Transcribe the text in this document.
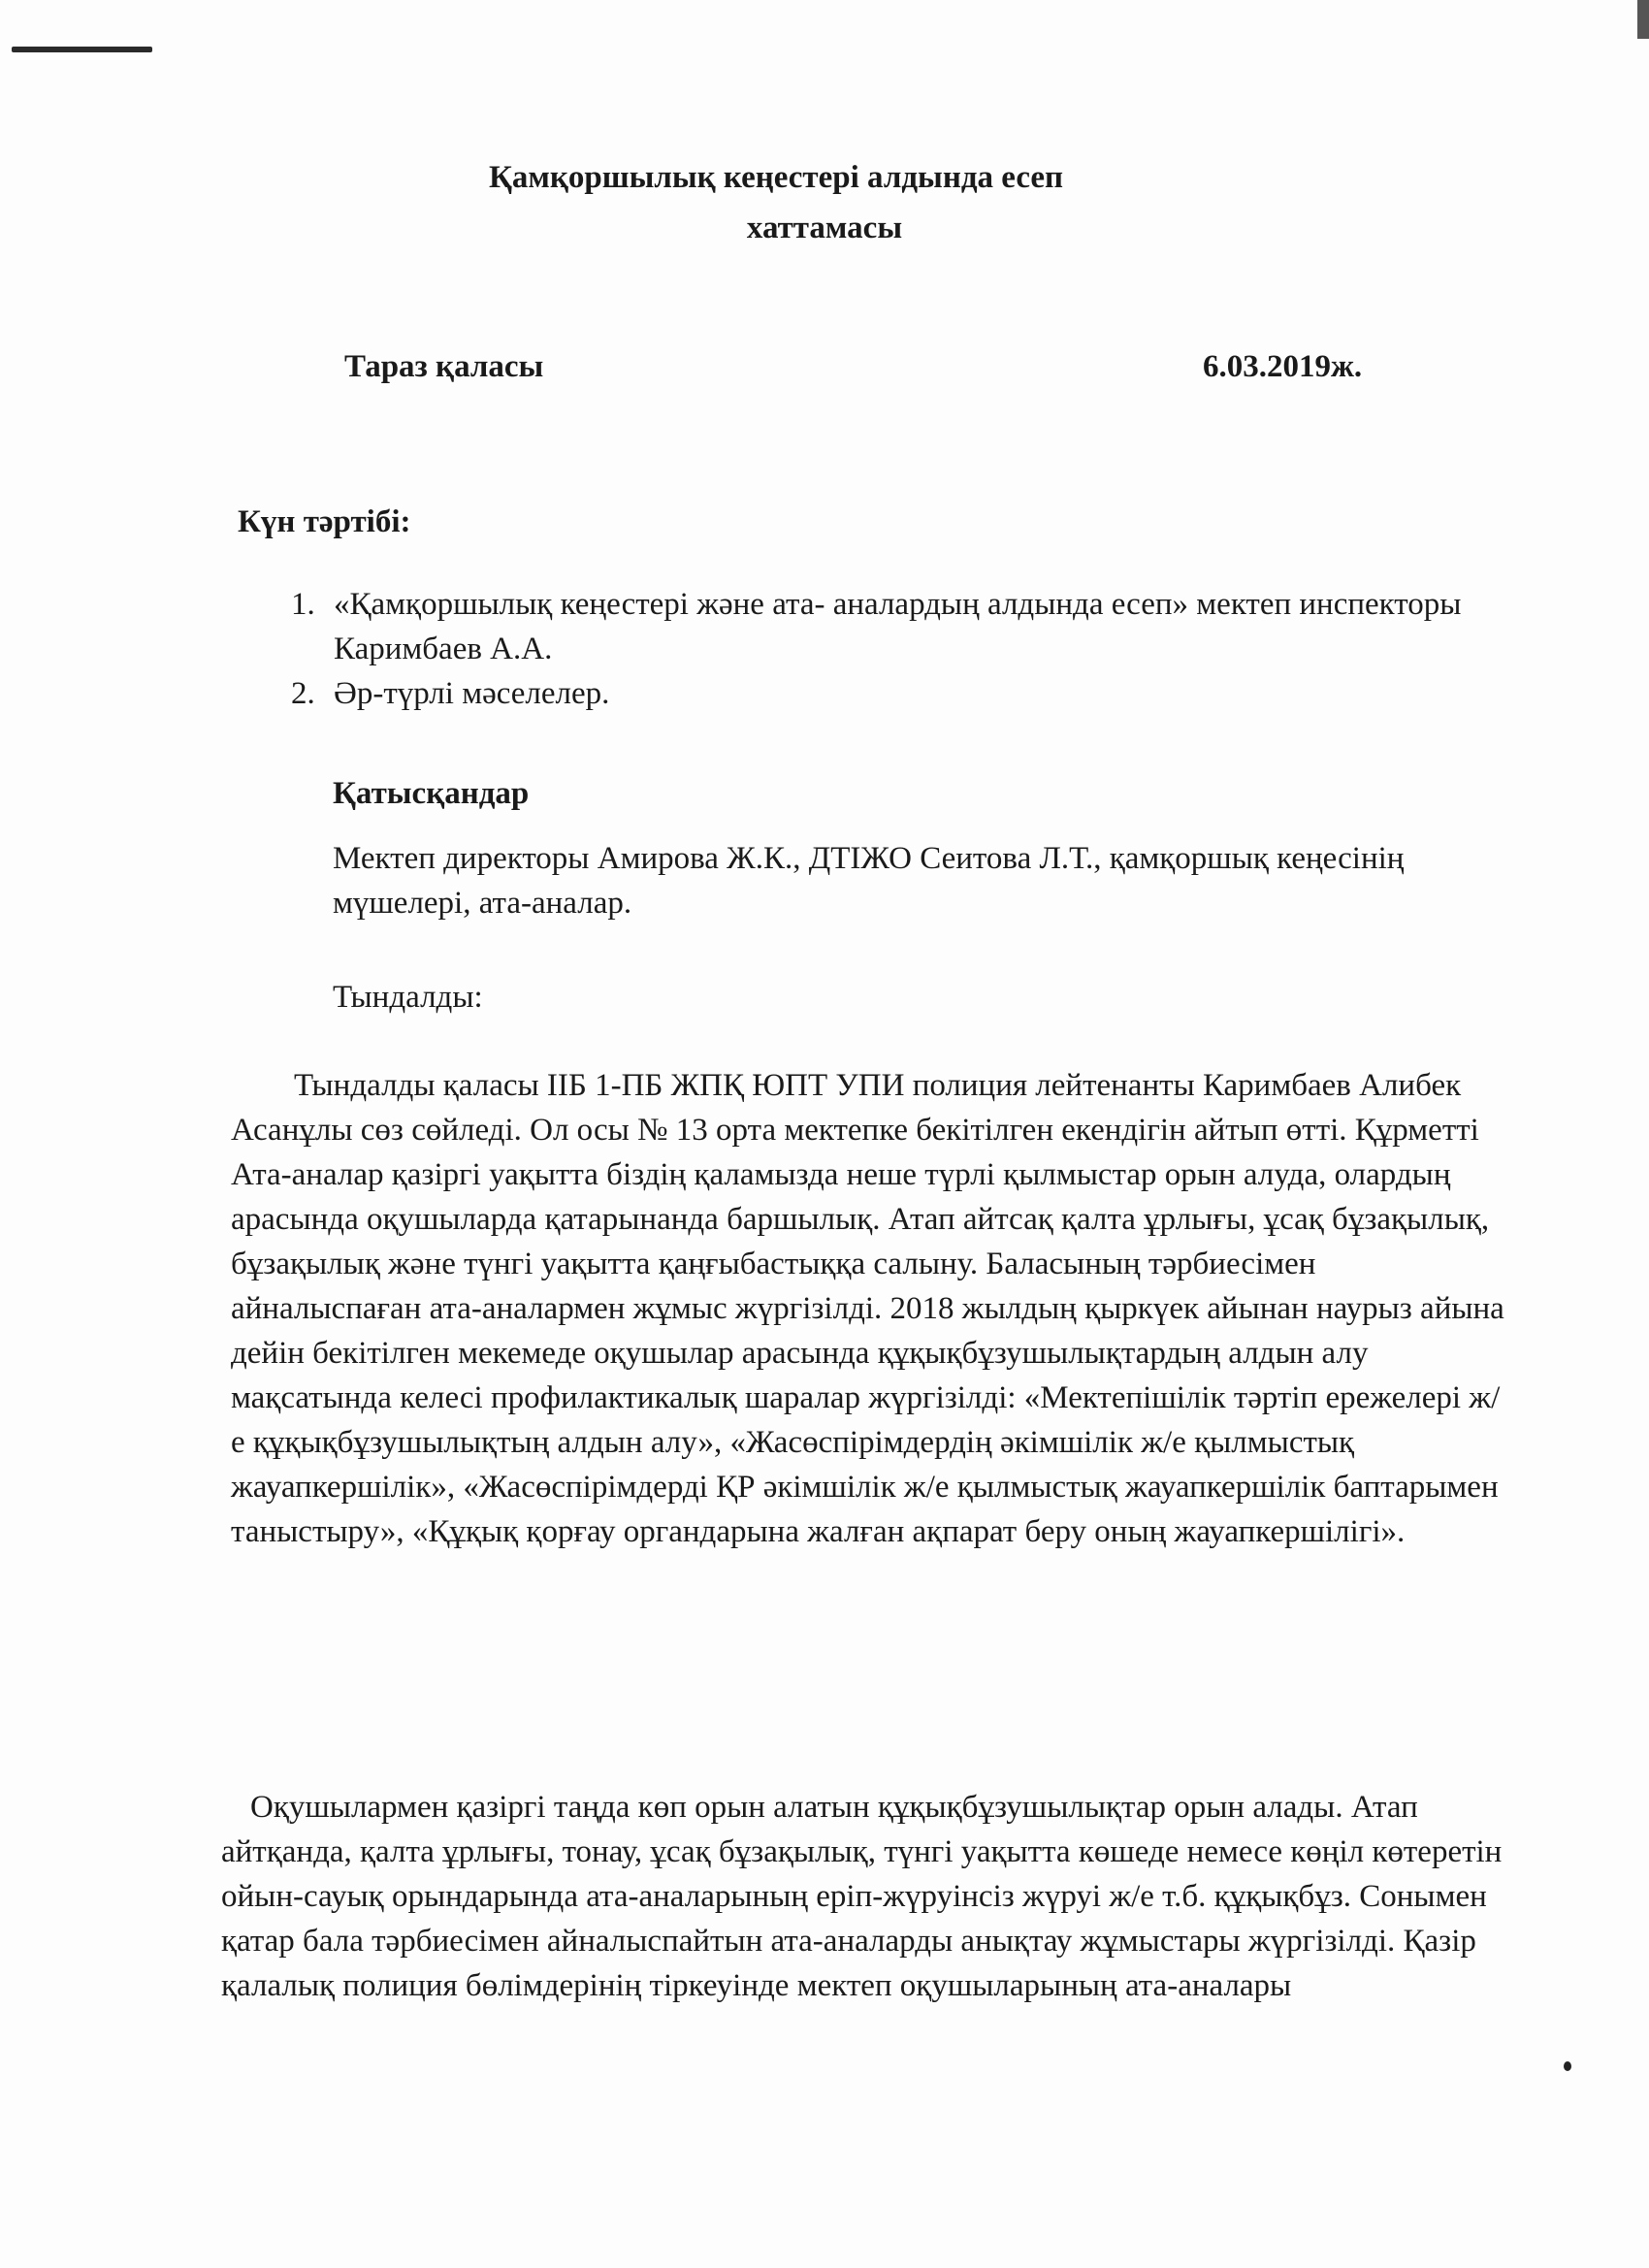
Қамқоршылық кеңестері алдында есеп
хаттамасы
Тараз қаласы	6.03.2019ж.
Күн тәртібі:
1. «Қамқоршылық кеңестері және ата- аналардың алдында есеп» мектеп инспекторы Каримбаев А.А.
2. Әр-түрлі мәселелер.
Қатысқандар
Мектеп директоры Амирова Ж.К., ДТІЖО Сеитова Л.Т., қамқоршық кеңесінің мүшелері, ата-аналар.
Тындалды:
Тындалды қаласы ІІБ 1-ПБ ЖПҚ ЮПТ УПИ полиция лейтенанты Каримбаев Алибек Асанұлы сөз сөйледі. Ол осы № 13 орта мектепке бекітілген екендігін айтып өтті. Құрметті Ата-аналар қазіргі уақытта біздің қаламызда неше түрлі қылмыстар орын алуда, олардың арасында оқушыларда қатарынанда баршылық. Атап айтсақ қалта ұрлығы, ұсақ бұзақылық, бұзақылық және түнгі уақытта қаңғыбастыққа салыну. Баласының тәрбиесімен айналыспаған ата-аналармен жұмыс жүргізілді. 2018 жылдың қыркүек айынан наурыз айына дейін бекітілген мекемеде оқушылар арасында құқықбұзушылықтардың алдын алу мақсатында келесі профилактикалық шаралар жүргізілді: «Мектепішілік тәртіп ережелері ж/е құқықбұзушылықтың алдын алу», «Жасөспірімдердің әкімшілік ж/е қылмыстық жауапкершілік», «Жасөспірімдерді ҚР әкімшілік ж/е қылмыстық жауапкершілік баптарымен таныстыру», «Құқық қорғау органдарына жалған ақпарат беру оның жауапкершілігі».
Оқушылармен қазіргі таңда көп орын алатын құқықбұзушылықтар орын алады. Атап айтқанда, қалта ұрлығы, тонау, ұсақ бұзақылық, түнгі уақытта көшеде немесе көңіл көтеретін ойын-сауық орындарында ата-аналарының еріп-жүруінсіз жүруі ж/е т.б. құқықбұз. Сонымен қатар бала тәрбиесімен айналыспайтын ата-аналарды анықтау жұмыстары жүргізілді. Қазір қалалық полиция бөлімдерінің тіркеуінде мектеп оқушыларының ата-аналары
